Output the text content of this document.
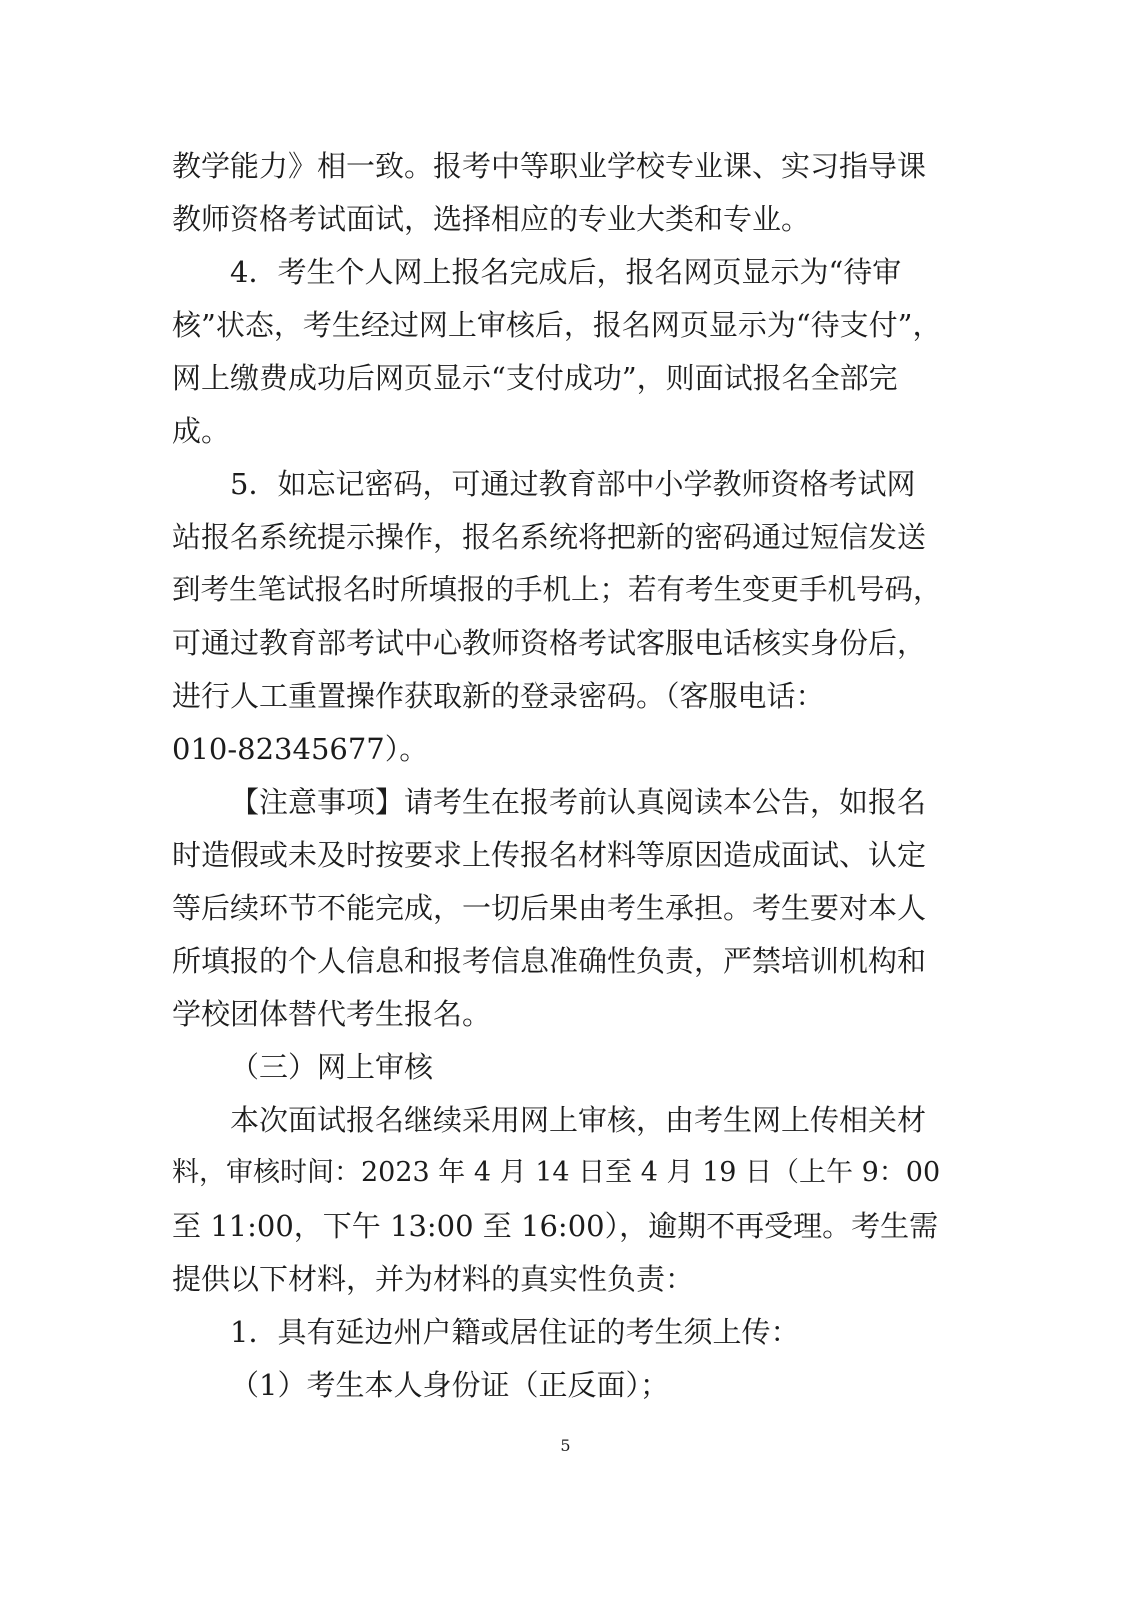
教学能力》相一致。报考中等职业学校专业课、实习指导课
教师资格考试面试，选择相应的专业大类和专业。
4．考生个人网上报名完成后，报名网页显示为“待审
核”状态，考生经过网上审核后，报名网页显示为“待支付”，
网上缴费成功后网页显示“支付成功”，则面试报名全部完
成。
5．如忘记密码，可通过教育部中小学教师资格考试网
站报名系统提示操作，报名系统将把新的密码通过短信发送
到考生笔试报名时所填报的手机上；若有考生变更手机号码，
可通过教育部考试中心教师资格考试客服电话核实身份后，
进行人工重置操作获取新的登录密码。（客服电话：
010-82345677）。
【注意事项】请考生在报考前认真阅读本公告，如报名
时造假或未及时按要求上传报名材料等原因造成面试、认定
等后续环节不能完成，一切后果由考生承担。考生要对本人
所填报的个人信息和报考信息准确性负责，严禁培训机构和
学校团体替代考生报名。
（三）网上审核
本次面试报名继续采用网上审核，由考生网上传相关材
料，审核时间：2023 年 4 月 14 日至 4 月 19 日（上午 9：00
至 11:00，下午 13:00 至 16:00），逾期不再受理。考生需
提供以下材料，并为材料的真实性负责：
1．具有延边州户籍或居住证的考生须上传：
（1）考生本人身份证（正反面）；
5
